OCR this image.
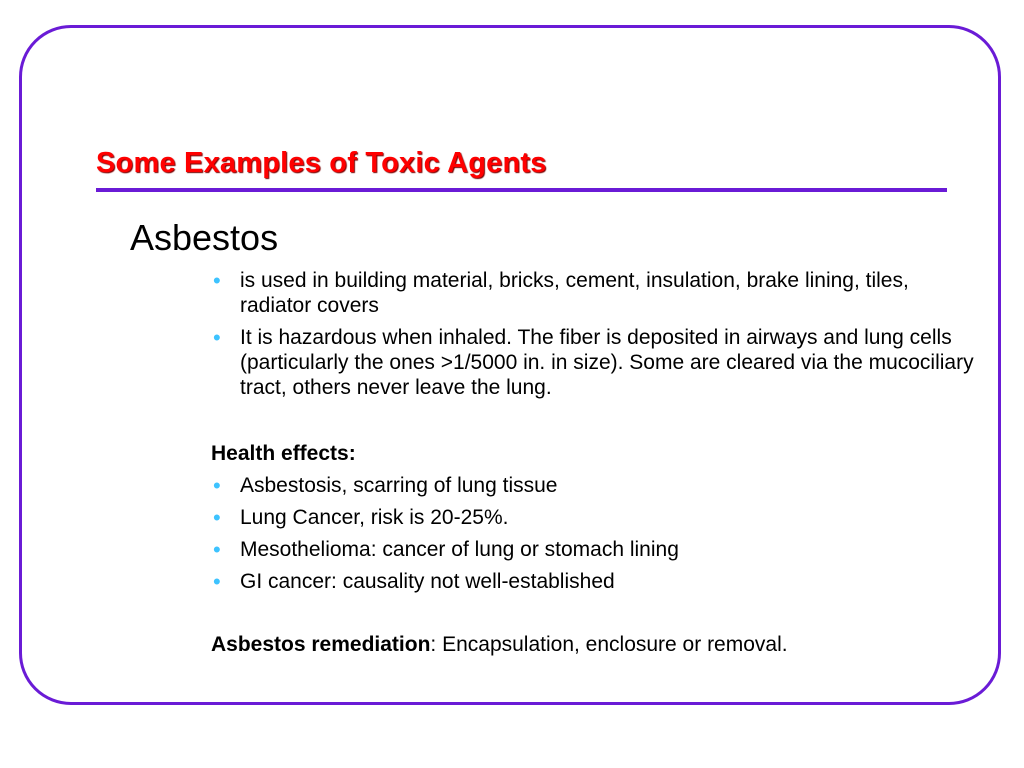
Some Examples of Toxic Agents
Asbestos
• is used in building material, bricks, cement, insulation, brake lining, tiles, radiator covers
• It is hazardous when inhaled. The fiber is deposited in airways and lung cells (particularly the ones >1/5000 in. in size). Some are cleared via the mucociliary tract, others never leave the lung.
Health effects:
• Asbestosis, scarring of lung tissue
• Lung Cancer, risk is 20-25%.
• Mesothelioma: cancer of lung or stomach lining
• GI cancer: causality not well-established
Asbestos remediation: Encapsulation, enclosure or removal.
